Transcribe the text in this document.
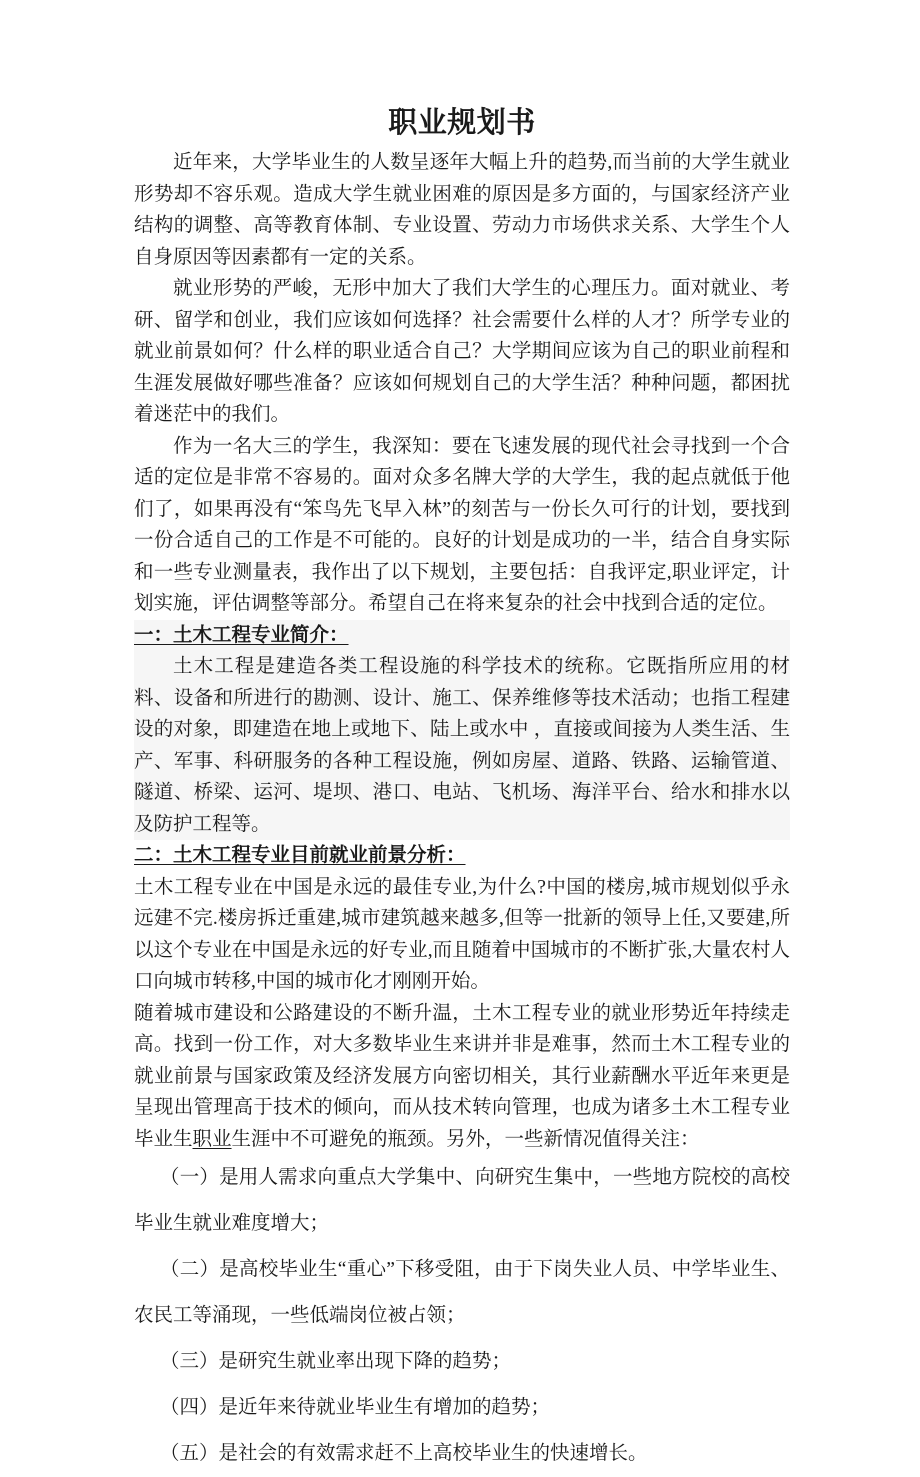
职业规划书

近年来，大学毕业生的人数呈逐年大幅上升的趋势,而当前的大学生就业形势却不容乐观。造成大学生就业困难的原因是多方面的，与国家经济产业结构的调整、高等教育体制、专业设置、劳动力市场供求关系、大学生个人自身原因等因素都有一定的关系。

就业形势的严峻，无形中加大了我们大学生的心理压力。面对就业、考研、留学和创业，我们应该如何选择？社会需要什么样的人才？所学专业的就业前景如何？什么样的职业适合自己？大学期间应该为自己的职业前程和生涯发展做好哪些准备？应该如何规划自己的大学生活？种种问题，都困扰着迷茫中的我们。

作为一名大三的学生，我深知：要在飞速发展的现代社会寻找到一个合适的定位是非常不容易的。面对众多名牌大学的大学生，我的起点就低于他们了，如果再没有“笨鸟先飞早入林”的刻苦与一份长久可行的计划，要找到一份合适自己的工作是不可能的。良好的计划是成功的一半，结合自身实际和一些专业测量表，我作出了以下规划，主要包括：自我评定,职业评定，计划实施，评估调整等部分。希望自己在将来复杂的社会中找到合适的定位。

一：土木工程专业简介：

土木工程是建造各类工程设施的科学技术的统称。它既指所应用的材料、设备和所进行的勘测、设计、施工、保养维修等技术活动；也指工程建设的对象，即建造在地上或地下、陆上或水中 ，直接或间接为人类生活、生产、军事、科研服务的各种工程设施，例如房屋、道路、铁路、运输管道、隧道、桥梁、运河、堤坝、港口、电站、飞机场、海洋平台、给水和排水以及防护工程等。

二：土木工程专业目前就业前景分析：

土木工程专业在中国是永远的最佳专业,为什么?中国的楼房,城市规划似乎永远建不完.楼房拆迁重建,城市建筑越来越多,但等一批新的领导上任,又要建,所以这个专业在中国是永远的好专业,而且随着中国城市的不断扩张,大量农村人口向城市转移,中国的城市化才刚刚开始。

随着城市建设和公路建设的不断升温，土木工程专业的就业形势近年持续走高。找到一份工作，对大多数毕业生来讲并非是难事，然而土木工程专业的就业前景与国家政策及经济发展方向密切相关，其行业薪酬水平近年来更是呈现出管理高于技术的倾向，而从技术转向管理，也成为诸多土木工程专业毕业生职业生涯中不可避免的瓶颈。另外，一些新情况值得关注：

（一）是用人需求向重点大学集中、向研究生集中，一些地方院校的高校毕业生就业难度增大；

（二）是高校毕业生“重心”下移受阻，由于下岗失业人员、中学毕业生、农民工等涌现，一些低端岗位被占领；

（三）是研究生就业率出现下降的趋势；

（四）是近年来待就业毕业生有增加的趋势；

（五）是社会的有效需求赶不上高校毕业生的快速增长。
